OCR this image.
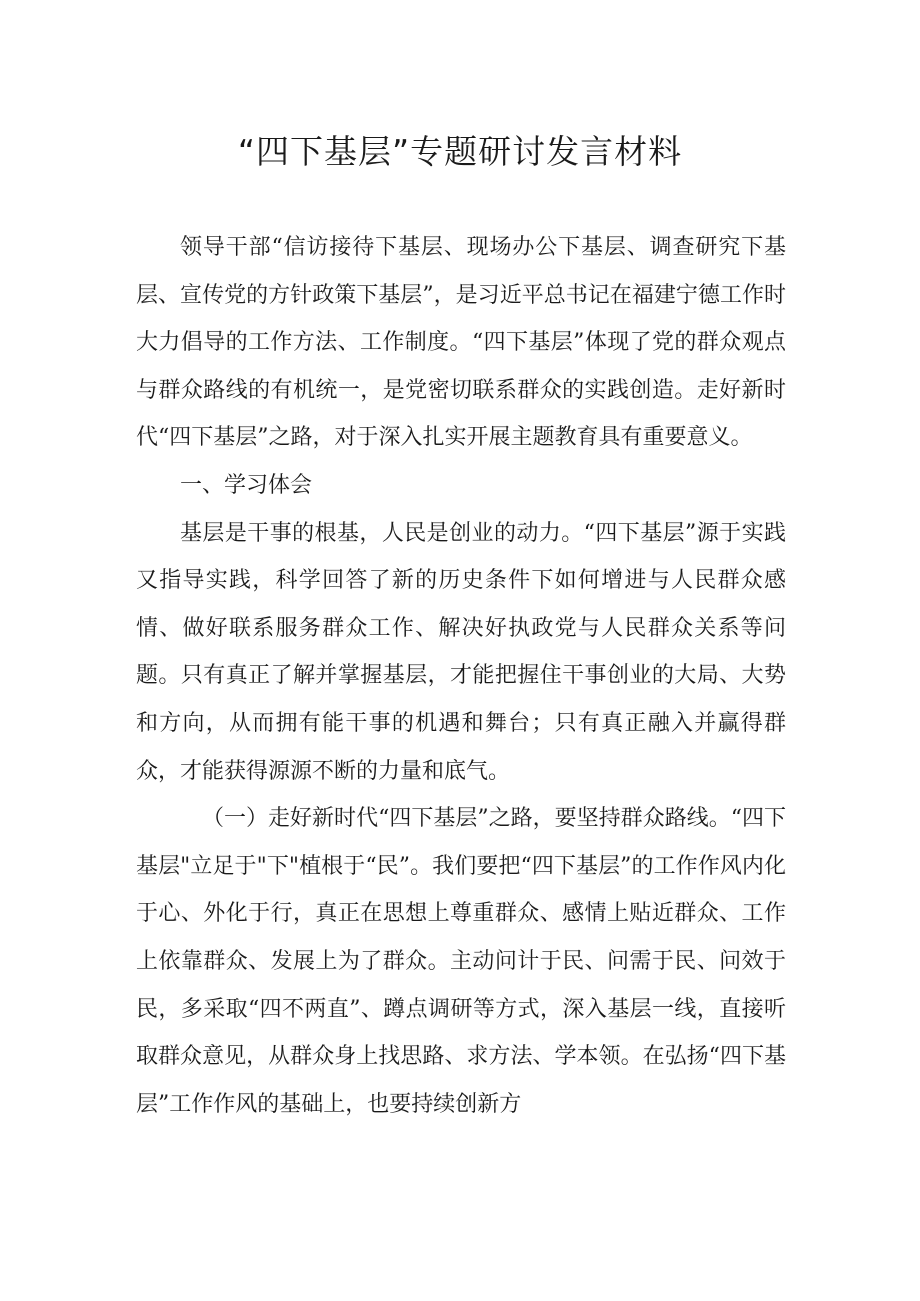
“四下基层”专题研讨发言材料

领导干部“信访接待下基层、现场办公下基层、调查研究下基层、宣传党的方针政策下基层”，是习近平总书记在福建宁德工作时大力倡导的工作方法、工作制度。“四下基层”体现了党的群众观点与群众路线的有机统一，是党密切联系群众的实践创造。走好新时代“四下基层”之路，对于深入扎实开展主题教育具有重要意义。

一、学习体会

基层是干事的根基，人民是创业的动力。“四下基层”源于实践又指导实践，科学回答了新的历史条件下如何增进与人民群众感情、做好联系服务群众工作、解决好执政党与人民群众关系等问题。只有真正了解并掌握基层，才能把握住干事创业的大局、大势和方向，从而拥有能干事的机遇和舞台；只有真正融入并赢得群众，才能获得源源不断的力量和底气。

（一）走好新时代“四下基层”之路，要坚持群众路线。“四下基层"立足于"下"植根于“民”。我们要把“四下基层”的工作作风内化于心、外化于行，真正在思想上尊重群众、感情上贴近群众、工作上依靠群众、发展上为了群众。主动问计于民、问需于民、问效于民，多采取“四不两直”、蹲点调研等方式，深入基层一线，直接听取群众意见，从群众身上找思路、求方法、学本领。在弘扬“四下基层”工作作风的基础上，也要持续创新方
